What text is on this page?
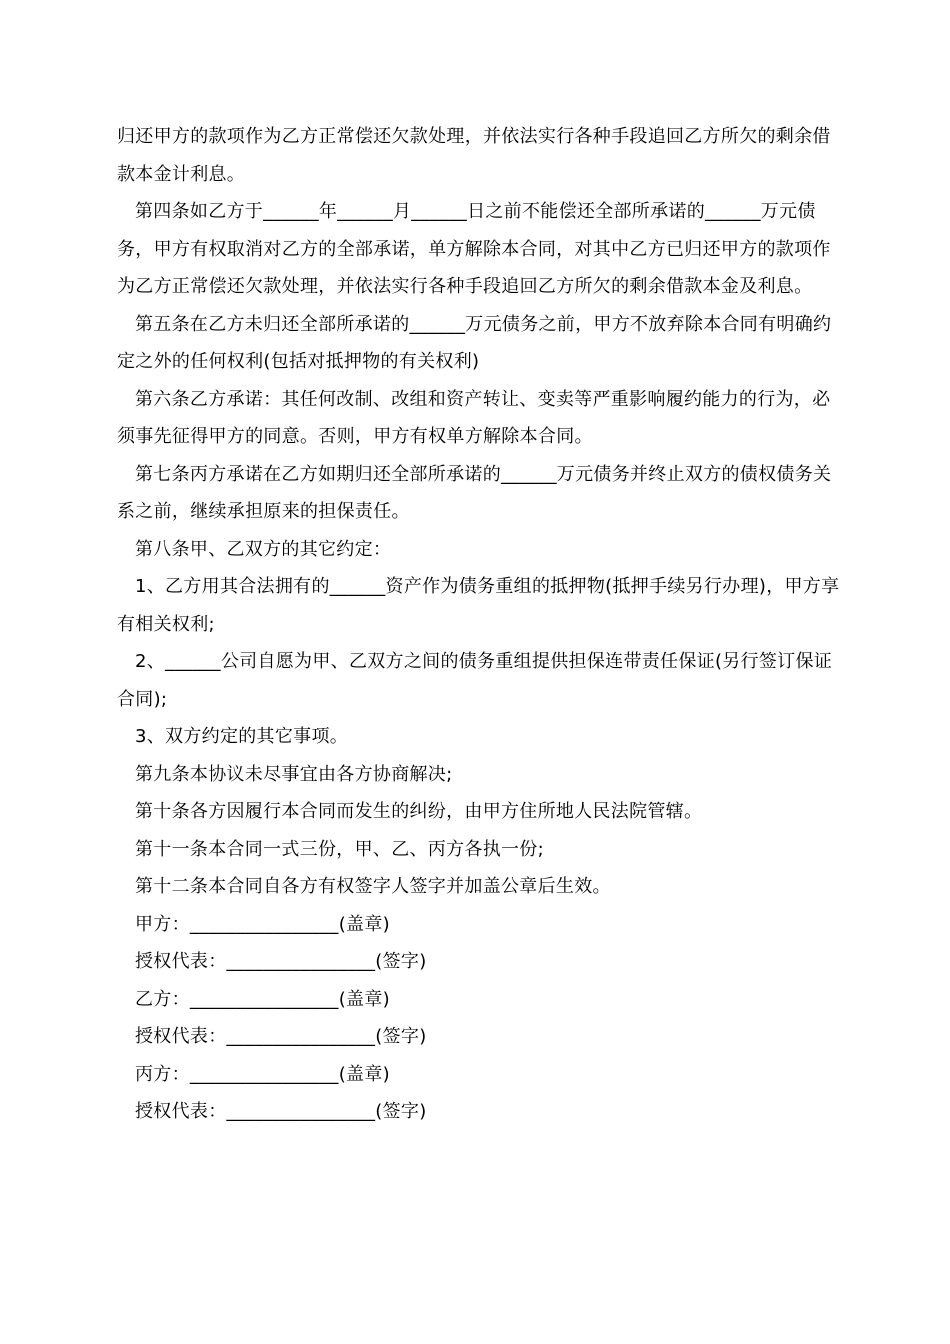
归还甲方的款项作为乙方正常偿还欠款处理，并依法实行各种手段追回乙方所欠的剩余借款本金计利息。

第四条如乙方于______年______月______日之前不能偿还全部所承诺的______万元债务，甲方有权取消对乙方的全部承诺，单方解除本合同，对其中乙方已归还甲方的款项作为乙方正常偿还欠款处理，并依法实行各种手段追回乙方所欠的剩余借款本金及利息。

第五条在乙方未归还全部所承诺的______万元债务之前，甲方不放弃除本合同有明确约定之外的任何权利(包括对抵押物的有关权利)

第六条乙方承诺：其任何改制、改组和资产转让、变卖等严重影响履约能力的行为，必须事先征得甲方的同意。否则，甲方有权单方解除本合同。

第七条丙方承诺在乙方如期归还全部所承诺的______万元债务并终止双方的债权债务关系之前，继续承担原来的担保责任。

第八条甲、乙双方的其它约定：

1、乙方用其合法拥有的______资产作为债务重组的抵押物(抵押手续另行办理)，甲方享有相关权利;

2、______公司自愿为甲、乙双方之间的债务重组提供担保连带责任保证(另行签订保证合同);

3、双方约定的其它事项。

第九条本协议未尽事宜由各方协商解决;

第十条各方因履行本合同而发生的纠纷，由甲方住所地人民法院管辖。

第十一条本合同一式三份，甲、乙、丙方各执一份;

第十二条本合同自各方有权签字人签字并加盖公章后生效。

甲方：________________(盖章)

授权代表：________________(签字)

乙方：________________(盖章)

授权代表：________________(签字)

丙方：________________(盖章)

授权代表：________________(签字)
